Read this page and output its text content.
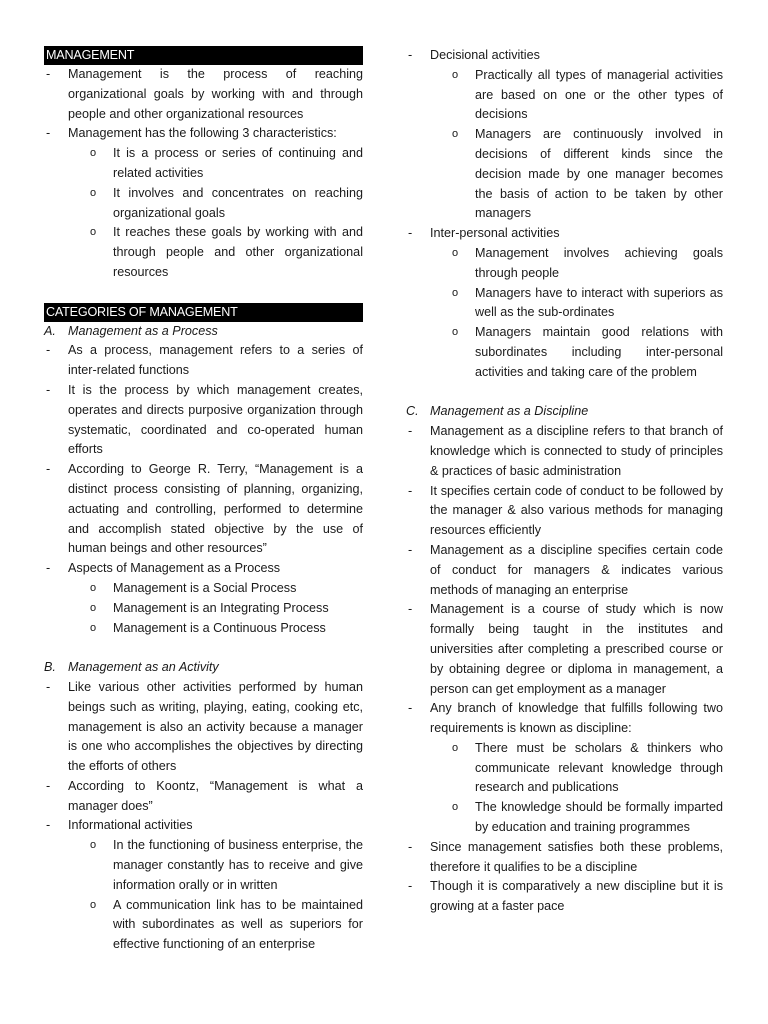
MANAGEMENT
- Management is the process of reaching organizational goals by working with and through people and other organizational resources
- Management has the following 3 characteristics:
o It is a process or series of continuing and related activities
o It involves and concentrates on reaching organizational goals
o It reaches these goals by working with and through people and other organizational resources
CATEGORIES OF MANAGEMENT
A. Management as a Process
- As a process, management refers to a series of inter-related functions
- It is the process by which management creates, operates and directs purposive organization through systematic, coordinated and co-operated human efforts
- According to George R. Terry, “Management is a distinct process consisting of planning, organizing, actuating and controlling, performed to determine and accomplish stated objective by the use of human beings and other resources”
- Aspects of Management as a Process
o Management is a Social Process
o Management is an Integrating Process
o Management is a Continuous Process
B. Management as an Activity
- Like various other activities performed by human beings such as writing, playing, eating, cooking etc, management is also an activity because a manager is one who accomplishes the objectives by directing the efforts of others
- According to Koontz, “Management is what a manager does”
- Informational activities
o In the functioning of business enterprise, the manager constantly has to receive and give information orally or in written
o A communication link has to be maintained with subordinates as well as superiors for effective functioning of an enterprise
- Decisional activities
o Practically all types of managerial activities are based on one or the other types of decisions
o Managers are continuously involved in decisions of different kinds since the decision made by one manager becomes the basis of action to be taken by other managers
- Inter-personal activities
o Management involves achieving goals through people
o Managers have to interact with superiors as well as the sub-ordinates
o Managers maintain good relations with subordinates including inter-personal activities and taking care of the problem
C. Management as a Discipline
- Management as a discipline refers to that branch of knowledge which is connected to study of principles & practices of basic administration
- It specifies certain code of conduct to be followed by the manager & also various methods for managing resources efficiently
- Management as a discipline specifies certain code of conduct for managers & indicates various methods of managing an enterprise
- Management is a course of study which is now formally being taught in the institutes and universities after completing a prescribed course or by obtaining degree or diploma in management, a person can get employment as a manager
- Any branch of knowledge that fulfills following two requirements is known as discipline:
o There must be scholars & thinkers who communicate relevant knowledge through research and publications
o The knowledge should be formally imparted by education and training programmes
- Since management satisfies both these problems, therefore it qualifies to be a discipline
- Though it is comparatively a new discipline but it is growing at a faster pace
